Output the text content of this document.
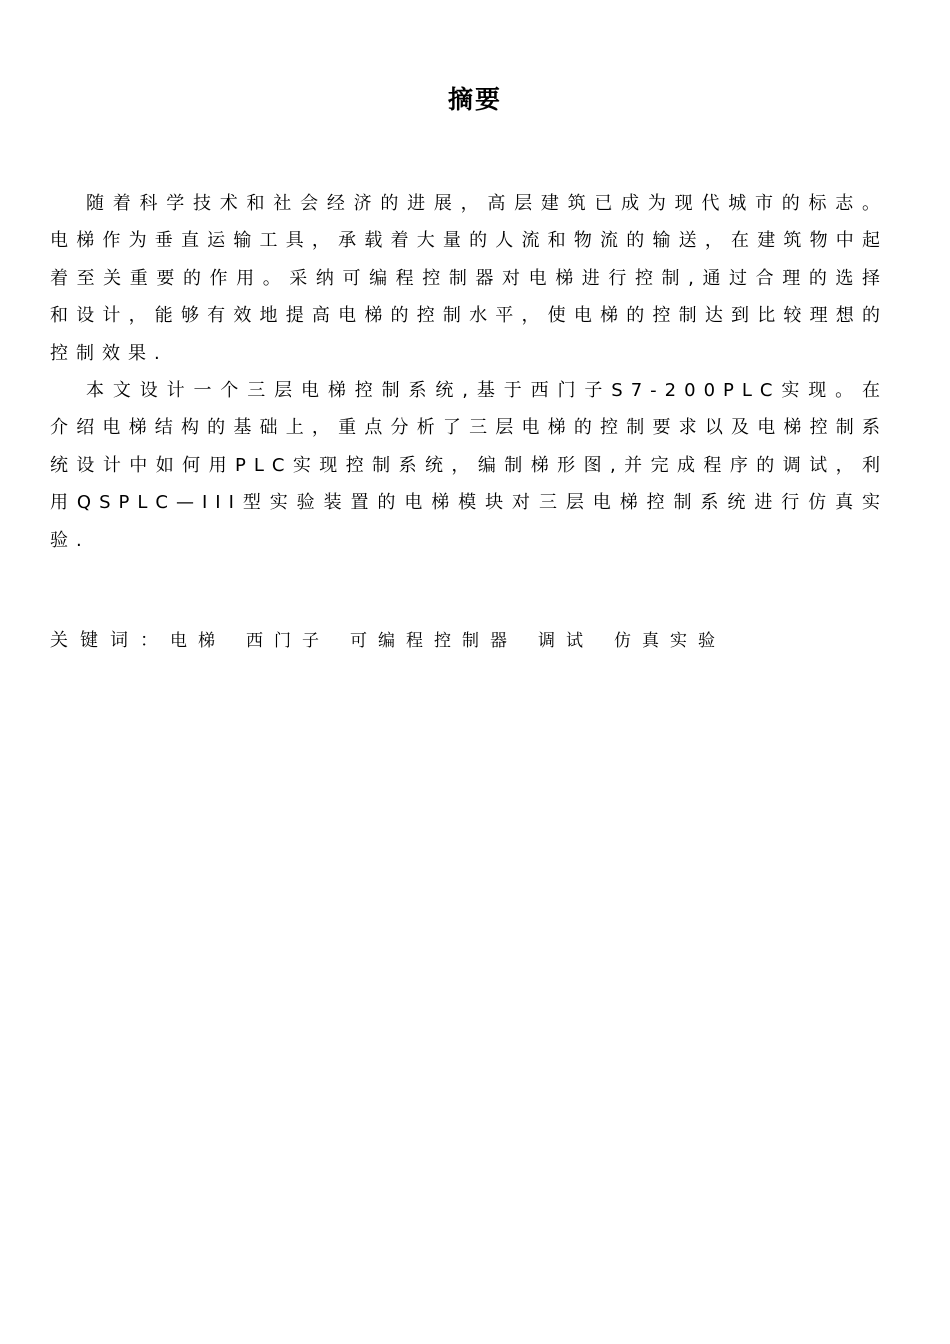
摘要

随着科学技术和社会经济的进展，高层建筑已成为现代城市的标志。电梯作为垂直运输工具，承载着大量的人流和物流的输送，在建筑物中起着至关重要的作用。采纳可编程控制器对电梯进行控制,通过合理的选择和设计，能够有效地提高电梯的控制水平，使电梯的控制达到比较理想的控制效果.

本文设计一个三层电梯控制系统,基于西门子S7-200PLC实现。在介绍电梯结构的基础上，重点分析了三层电梯的控制要求以及电梯控制系统设计中如何用PLC实现控制系统，编制梯形图,并完成程序的调试，利用QSPLC—III型实验装置的电梯模块对三层电梯控制系统进行仿真实验.

关键词：电梯 西门子 可编程控制器 调试 仿真实验
